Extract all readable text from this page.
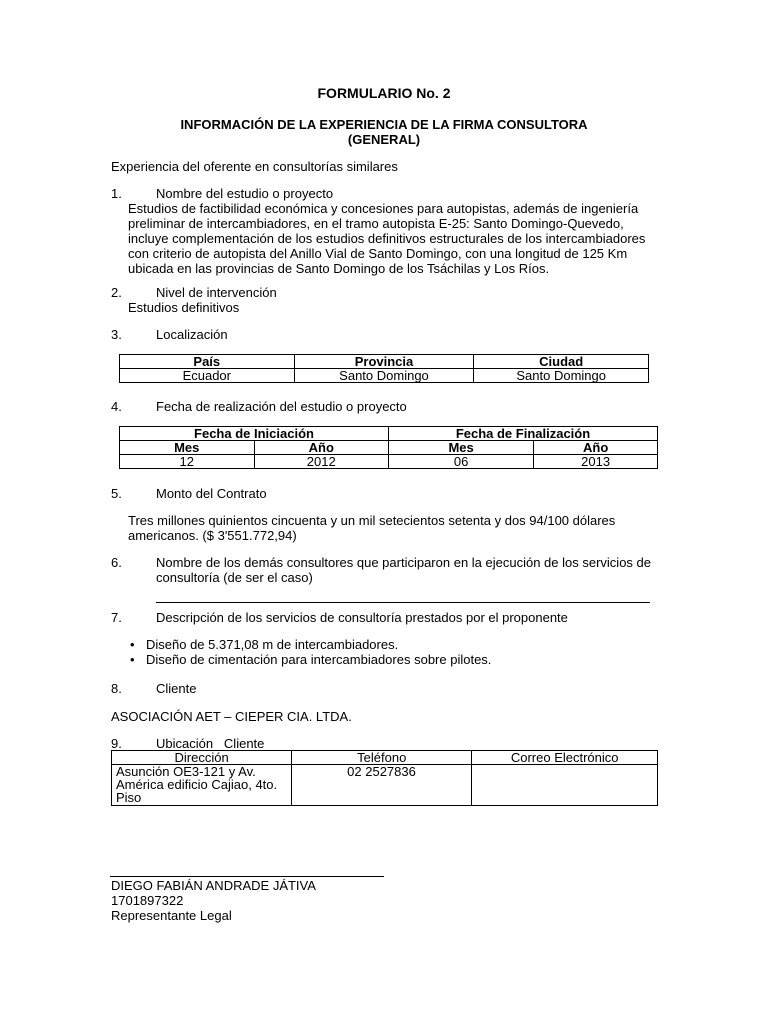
FORMULARIO No. 2
INFORMACIÓN DE LA EXPERIENCIA DE LA FIRMA CONSULTORA
(GENERAL)
Experiencia del oferente en consultorías similares
1.	Nombre del estudio o proyecto
Estudios de factibilidad económica y concesiones para autopistas, además de ingeniería
preliminar de intercambiadores, en el tramo autopista E-25: Santo Domingo-Quevedo,
incluye complementación de los estudios definitivos estructurales de los intercambiadores
con criterio de autopista del Anillo Vial de Santo Domingo, con una longitud de 125 Km
ubicada en las provincias de Santo Domingo de los Tsáchilas y Los Ríos.
2.	Nivel de intervención
Estudios definitivos
3.	Localización
País	Provincia	Ciudad
Ecuador	Santo Domingo	Santo Domingo
4.	Fecha de realización del estudio o proyecto
Fecha de Iniciación		Fecha de Finalización	
Mes	Año	Mes	Año
12	2012	06	2013
5.	Monto del Contrato
Tres millones quinientos cincuenta y un mil setecientos setenta y dos 94/100 dólares
americanos. ($ 3'551.772,94)
6.	Nombre de los demás consultores que participaron en la ejecución de los servicios de
consultoría (de ser el caso)
7.	Descripción de los servicios de consultoría prestados por el proponente
• Diseño de 5.371,08 m de intercambiadores.
• Diseño de cimentación para intercambiadores sobre pilotes.
8.	Cliente
ASOCIACIÓN AET – CIEPER CIA. LTDA.
9.	Ubicación   Cliente
Dirección	Teléfono	Correo Electrónico

Asunción OE3-121 y Av.
América edificio Cajiao, 4to.
Piso	02 2527836	
DIEGO FABIÁN ANDRADE JÁTIVA
1701897322
Representante Legal
